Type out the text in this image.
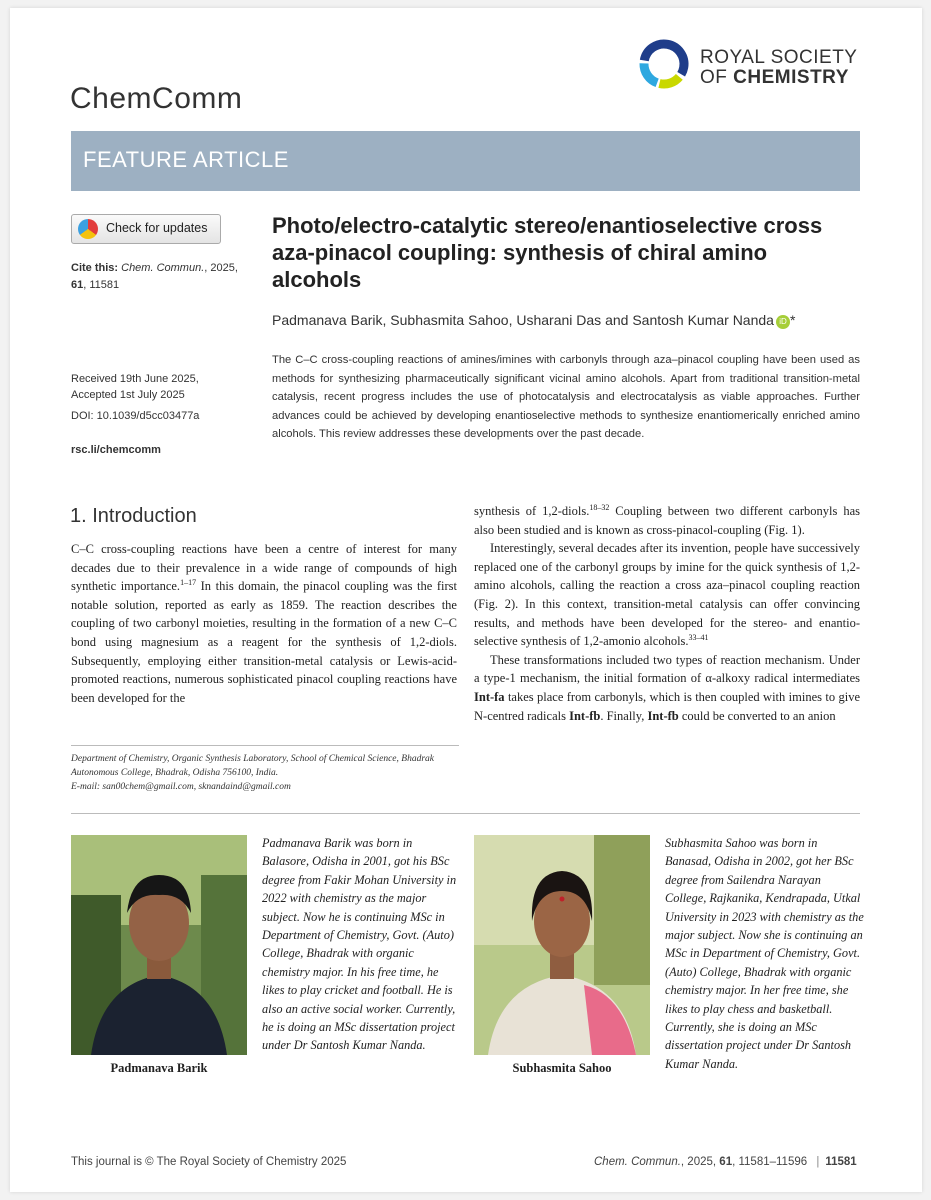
ChemComm
ROYAL SOCIETY
OF CHEMISTRY
FEATURE ARTICLE
Check for updates
Cite this: Chem. Commun., 2025,
61, 11581
Received 19th June 2025,
Accepted 1st July 2025
DOI: 10.1039/d5cc03477a
rsc.li/chemcomm
Photo/electro-catalytic stereo/enantioselective cross aza-pinacol coupling: synthesis of chiral amino alcohols
Padmanava Barik, Subhasmita Sahoo, Usharani Das and Santosh Kumar Nanda iD *
The C–C cross-coupling reactions of amines/imines with carbonyls through aza–pinacol coupling have been used as methods for synthesizing pharmaceutically significant vicinal amino alcohols. Apart from traditional transition-metal catalysis, recent progress includes the use of photocatalysis and electrocatalysis as viable approaches. Further advances could be achieved by developing enantioselective methods to synthesize enantiomerically enriched amino alcohols. This review addresses these developments over the past decade.
1. Introduction

C–C cross-coupling reactions have been a centre of interest for many decades due to their prevalence in a wide range of compounds of high synthetic importance.$^{1-17}$ In this domain, the pinacol coupling was the first notable solution, reported as early as 1859. The reaction describes the coupling of two carbonyl moieties, resulting in the formation of a new C–C bond using magnesium as a reagent for the synthesis of 1,2-diols. Subsequently, employing either transition-metal catalysis or Lewis-acid-promoted reactions, numerous sophisticated pinacol coupling reactions have been developed for the

Department of Chemistry, Organic Synthesis Laboratory, School of Chemical Science, Bhadrak Autonomous College, Bhadrak, Odisha 756100, India.
E-mail: san00chem@gmail.com, sknandaind@gmail.com

synthesis of 1,2-diols.$^{18-32}$ Coupling between two different carbonyls has also been studied and is known as cross-pinacol-coupling (Fig. 1).

Interestingly, several decades after its invention, people have successively replaced one of the carbonyl groups by imine for the quick synthesis of 1,2-amino alcohols, calling the reaction a cross aza–pinacol coupling reaction (Fig. 2). In this context, transition-metal catalysis can offer convincing results, and methods have been developed for the stereo- and enantio-selective synthesis of 1,2-amonio alcohols.$^{33-41}$

These transformations included two types of reaction mechanism. Under a type-1 mechanism, the initial formation of α-alkoxy radical intermediates Int-fa takes place from carbonyls, which is then coupled with imines to give N-centred radicals Int-fb. Finally, Int-fb could be converted to an anion

Padmanava Barik
Padmanava Barik was born in Balasore, Odisha in 2001, got his BSc degree from Fakir Mohan University in 2022 with chemistry as the major subject. Now he is continuing MSc in Department of Chemistry, Govt. (Auto) College, Bhadrak with organic chemistry major. In his free time, he likes to play cricket and football. He is also an active social worker. Currently, he is doing an MSc dissertation project under Dr Santosh Kumar Nanda.
Subhasmita Sahoo
Subhasmita Sahoo was born in Banasad, Odisha in 2002, got her BSc degree from Sailendra Narayan College, Rajkanika, Kendrapada, Utkal University in 2023 with chemistry as the major subject. Now she is continuing an MSc in Department of Chemistry, Govt. (Auto) College, Bhadrak with organic chemistry major. In her free time, she likes to play chess and basketball. Currently, she is doing an MSc dissertation project under Dr Santosh Kumar Nanda.
This journal is © The Royal Society of Chemistry 2025	Chem. Commun., 2025, 61, 11581–11596 | 11581
